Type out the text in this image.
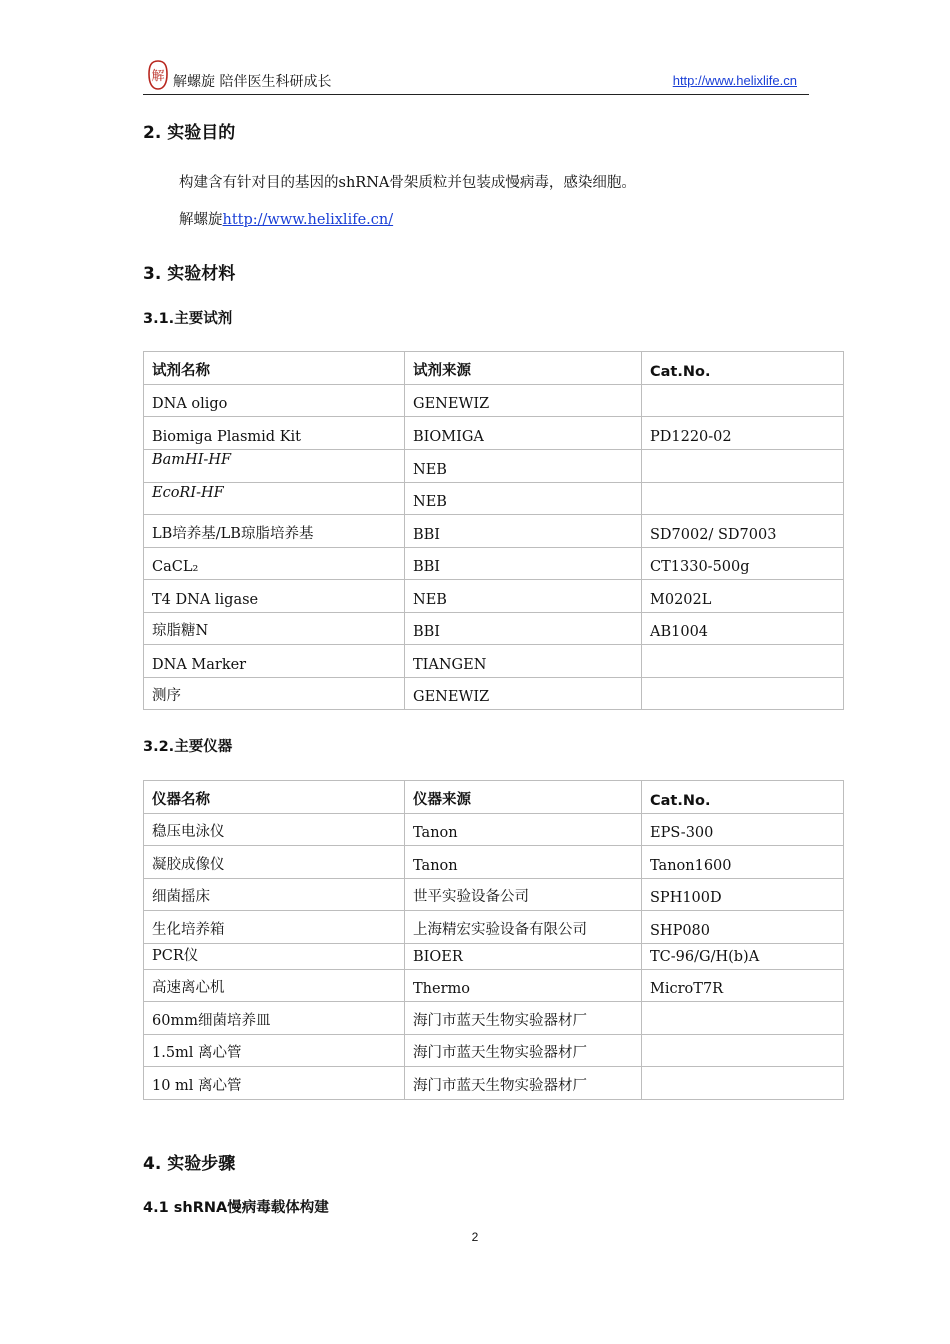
解 解螺旋 陪伴医生科研成长	http://www.helixlife.cn
2. 实验目的
构建含有针对目的基因的shRNA骨架质粒并包装成慢病毒，感染细胞。
解螺旋http://www.helixlife.cn/
3. 实验材料
3.1.主要试剂
试剂名称	试剂来源	Cat.No.
DNA oligo	GENEWIZ	
Biomiga Plasmid Kit	BIOMIGA	PD1220-02
BamHI-HF	NEB	
EcoRI-HF	NEB	
LB培养基/LB琼脂培养基	BBI	SD7002/ SD7003
CaCL₂	BBI	CT1330-500g
T4 DNA ligase	NEB	M0202L
琼脂糖N	BBI	AB1004
DNA Marker	TIANGEN	
测序	GENEWIZ	
3.2.主要仪器
仪器名称	仪器来源	Cat.No.
稳压电泳仪	Tanon	EPS-300
凝胶成像仪	Tanon	Tanon1600
细菌摇床	世平实验设备公司	SPH100D
生化培养箱	上海精宏实验设备有限公司	SHP080
PCR仪	BIOER	TC-96/G/H(b)A
高速离心机	Thermo	MicroT7R
60mm细菌培养皿	海门市蓝天生物实验器材厂	
1.5ml 离心管	海门市蓝天生物实验器材厂	
10 ml 离心管	海门市蓝天生物实验器材厂	
4. 实验步骤
4.1 shRNA慢病毒载体构建
2
